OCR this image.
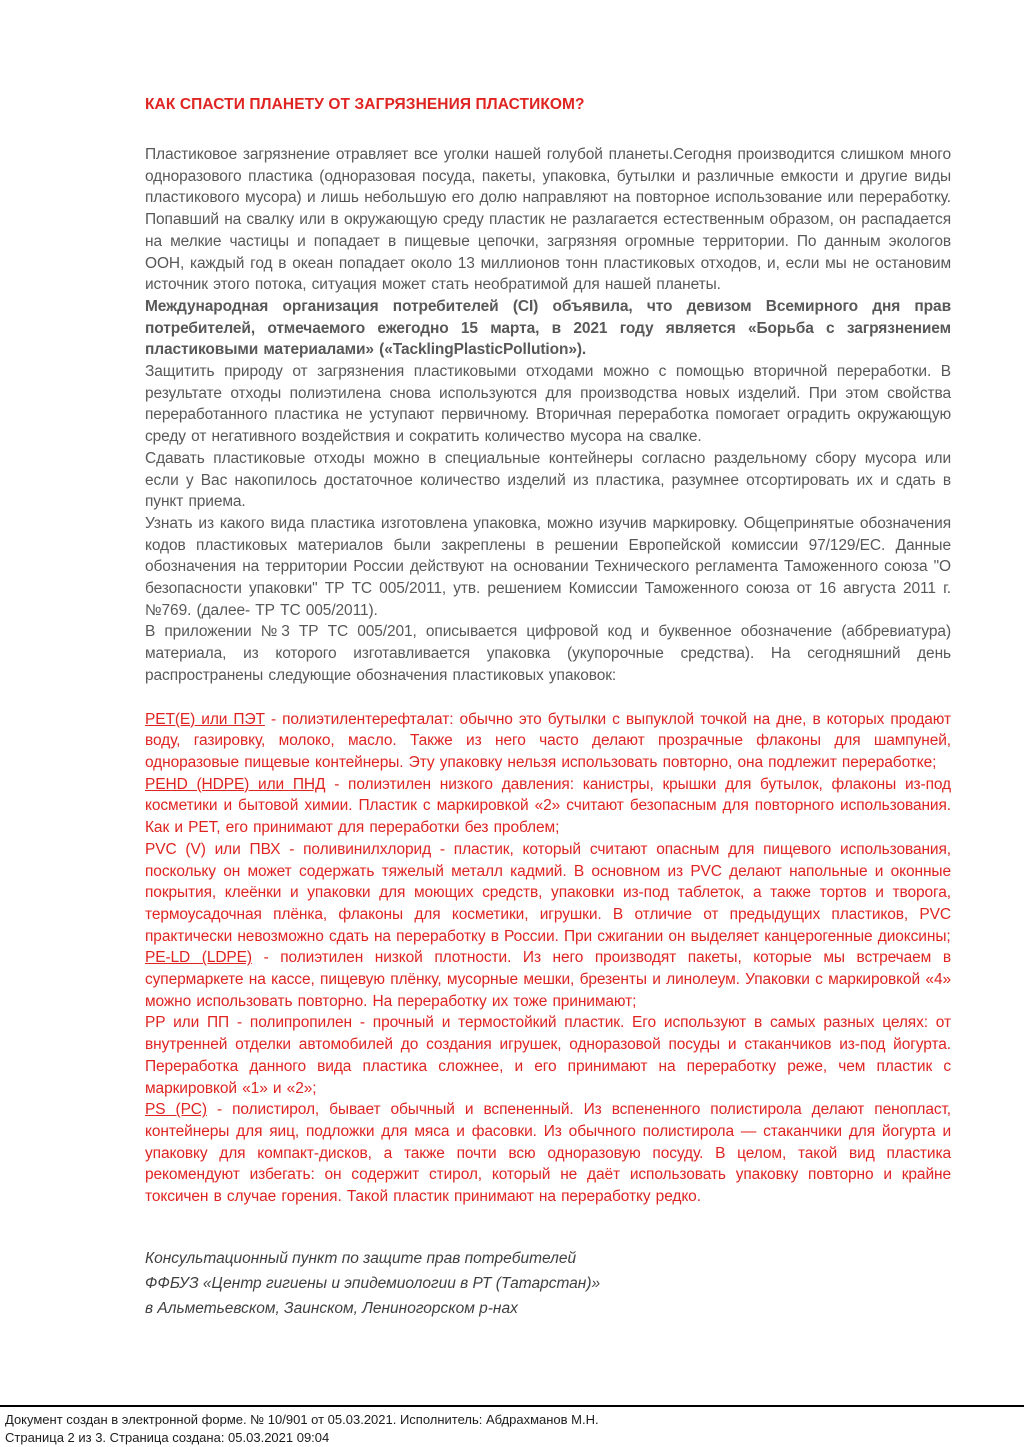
КАК СПАСТИ ПЛАНЕТУ ОТ ЗАГРЯЗНЕНИЯ ПЛАСТИКОМ?

Пластиковое загрязнение отравляет все уголки нашей голубой планеты.Сегодня производится слишком много одноразового пластика (одноразовая посуда, пакеты, упаковка, бутылки и различные емкости и другие виды пластикового мусора) и лишь небольшую его долю направляют на повторное использование или переработку. Попавший на свалку или в окружающую среду пластик не разлагается естественным образом, он распадается на мелкие частицы и попадает в пищевые цепочки, загрязняя огромные территории. По данным экологов ООН, каждый год в океан попадает около 13 миллионов тонн пластиковых отходов, и, если мы не остановим источник этого потока, ситуация может стать необратимой для нашей планеты.

Международная организация потребителей (CI) объявила, что девизом Всемирного дня прав потребителей, отмечаемого ежегодно 15 марта, в 2021 году является «Борьба с загрязнением пластиковыми материалами» («TacklingPlasticPollution»).

Защитить природу от загрязнения пластиковыми отходами можно с помощью вторичной переработки. В результате отходы полиэтилена снова используются для производства новых изделий. При этом свойства переработанного пластика не уступают первичному. Вторичная переработка помогает оградить окружающую среду от негативного воздействия и сократить количество мусора на свалке.

Сдавать пластиковые отходы можно в специальные контейнеры согласно раздельному сбору мусора или если у Вас накопилось достаточное количество изделий из пластика, разумнее отсортировать их и сдать в пункт приема.

Узнать из какого вида пластика изготовлена упаковка, можно изучив маркировку. Общепринятые обозначения кодов пластиковых материалов были закреплены в решении Европейской комиссии 97/129/ЕС. Данные обозначения на территории России действуют на основании Технического регламента Таможенного союза "О безопасности упаковки" ТР ТС 005/2011, утв. решением Комиссии Таможенного союза от 16 августа 2011 г. №769. (далее- ТР ТС 005/2011).

В приложении №3 ТР ТС 005/201, описывается цифровой код и буквенное обозначение (аббревиатура) материала, из которого изготавливается упаковка (укупорочные средства). На сегодняшний день распространены следующие обозначения пластиковых упаковок:

PET(E) или ПЭТ - полиэтилентерефталат: обычно это бутылки с выпуклой точкой на дне, в которых продают воду, газировку, молоко, масло. Также из него часто делают прозрачные флаконы для шампуней, одноразовые пищевые контейнеры. Эту упаковку нельзя использовать повторно, она подлежит переработке;

PEHD (HDPE) или ПНД - полиэтилен низкого давления: канистры, крышки для бутылок, флаконы из-под косметики и бытовой химии. Пластик с маркировкой «2» считают безопасным для повторного использования. Как и PET, его принимают для переработки без проблем;

PVC (V) или ПВХ - поливинилхлорид - пластик, который считают опасным для пищевого использования, поскольку он может содержать тяжелый металл кадмий. В основном из PVC делают напольные и оконные покрытия, клеёнки и упаковки для моющих средств, упаковки из-под таблеток, а также тортов и творога, термоусадочная плёнка, флаконы для косметики, игрушки. В отличие от предыдущих пластиков, PVC практически невозможно сдать на переработку в России. При сжигании он выделяет канцерогенные диоксины;

PE-LD (LDPE) - полиэтилен низкой плотности. Из него производят пакеты, которые мы встречаем в супермаркете на кассе, пищевую плёнку, мусорные мешки, брезенты и линолеум. Упаковки с маркировкой «4» можно использовать повторно. На переработку их тоже принимают;

PP или ПП - полипропилен - прочный и термостойкий пластик. Его используют в самых разных целях: от внутренней отделки автомобилей до создания игрушек, одноразовой посуды и стаканчиков из-под йогурта. Переработка данного вида пластика сложнее, и его принимают на переработку реже, чем пластик с маркировкой «1» и «2»;

PS (PC) - полистирол, бывает обычный и вспененный. Из вспененного полистирола делают пенопласт, контейнеры для яиц, подложки для мяса и фасовки. Из обычного полистирола — стаканчики для йогурта и упаковку для компакт-дисков, а также почти всю одноразовую посуду. В целом, такой вид пластика рекомендуют избегать: он содержит стирол, который не даёт использовать упаковку повторно и крайне токсичен в случае горения. Такой пластик принимают на переработку редко.

Консультационный пункт по защите прав потребителей

ФФБУЗ «Центр гигиены и эпидемиологии в РТ (Татарстан)»

в Альметьевском, Заинском, Лениногорском р-нах

Документ создан в электронной форме. № 10/901 от 05.03.2021. Исполнитель: Абдрахманов М.Н.
Страница 2 из 3. Страница создана: 05.03.2021 09:04
